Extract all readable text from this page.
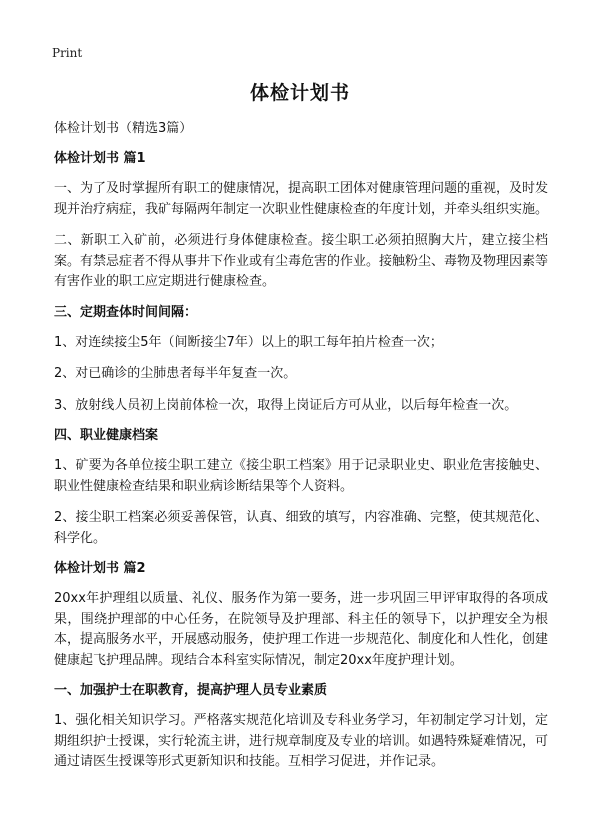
Print
体检计划书

体检计划书（精选3篇）

体检计划书 篇1

一、为了及时掌握所有职工的健康情况，提高职工团体对健康管理问题的重视，及时发现并治疗病症，我矿每隔两年制定一次职业性健康检查的年度计划，并牵头组织实施。

二、新职工入矿前，必须进行身体健康检查。接尘职工必须拍照胸大片，建立接尘档案。有禁忌症者不得从事井下作业或有尘毒危害的作业。接触粉尘、毒物及物理因素等有害作业的职工应定期进行健康检查。

三、定期查体时间间隔：

1、对连续接尘5年（间断接尘7年）以上的职工每年拍片检查一次；

2、对已确诊的尘肺患者每半年复查一次。

3、放射线人员初上岗前体检一次，取得上岗证后方可从业，以后每年检查一次。

四、职业健康档案

1、矿要为各单位接尘职工建立《接尘职工档案》用于记录职业史、职业危害接触史、职业性健康检查结果和职业病诊断结果等个人资料。

2、接尘职工档案必须妥善保管，认真、细致的填写，内容准确、完整，使其规范化、科学化。

体检计划书 篇2

20xx年护理组以质量、礼仪、服务作为第一要务，进一步巩固三甲评审取得的各项成果，围绕护理部的中心任务，在院领导及护理部、科主任的领导下，以护理安全为根本，提高服务水平，开展感动服务，使护理工作进一步规范化、制度化和人性化，创建健康起飞护理品牌。现结合本科室实际情况，制定20xx年度护理计划。

一、加强护士在职教育，提高护理人员专业素质

1、强化相关知识学习。严格落实规范化培训及专科业务学习，年初制定学习计划，定期组织护士授课，实行轮流主讲，进行规章制度及专业的培训。如遇特殊疑难情况，可通过请医生授课等形式更新知识和技能。互相学习促进，并作记录。
